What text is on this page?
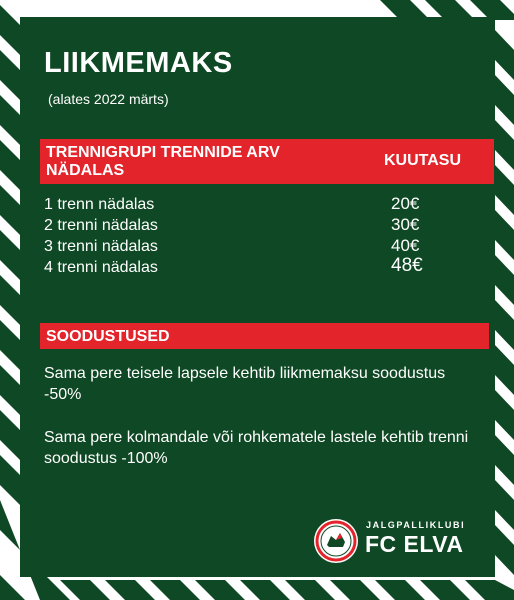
LIIKMEMAKS
(alates 2022 märts)
TRENNIGRUPI TRENNIDE ARV NÄDALAS
KUUTASU
1 trenn nädalas	20€
2 trenni nädalas	30€
3 trenni nädalas	40€
4 trenni nädalas	48€
SOODUSTUSED
Sama pere teisele lapsele kehtib liikmemaksu soodustus -50%
Sama pere kolmandale või rohkematele lastele kehtib trenni soodustus -100%
JALGPALLIKLUBI
FC ELVA
